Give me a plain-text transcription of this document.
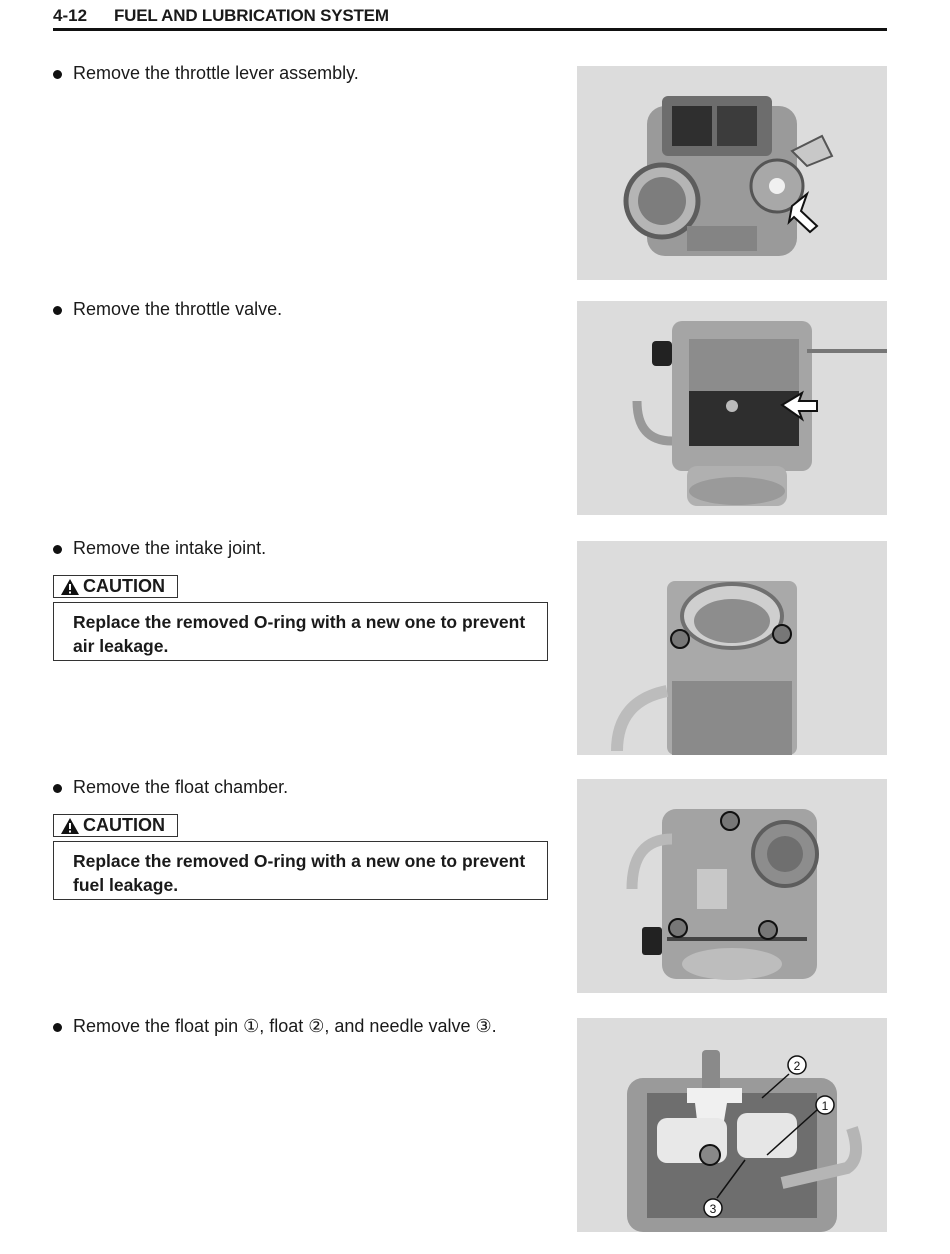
4-12 FUEL AND LUBRICATION SYSTEM
Remove the throttle lever assembly.
Remove the throttle valve.
Remove the intake joint.
CAUTION
Replace the removed O-ring with a new one to prevent air leakage.
Remove the float chamber.
CAUTION
Replace the removed O-ring with a new one to prevent fuel leakage.
Remove the float pin ①, float ②, and needle valve ③.
1
2
3
